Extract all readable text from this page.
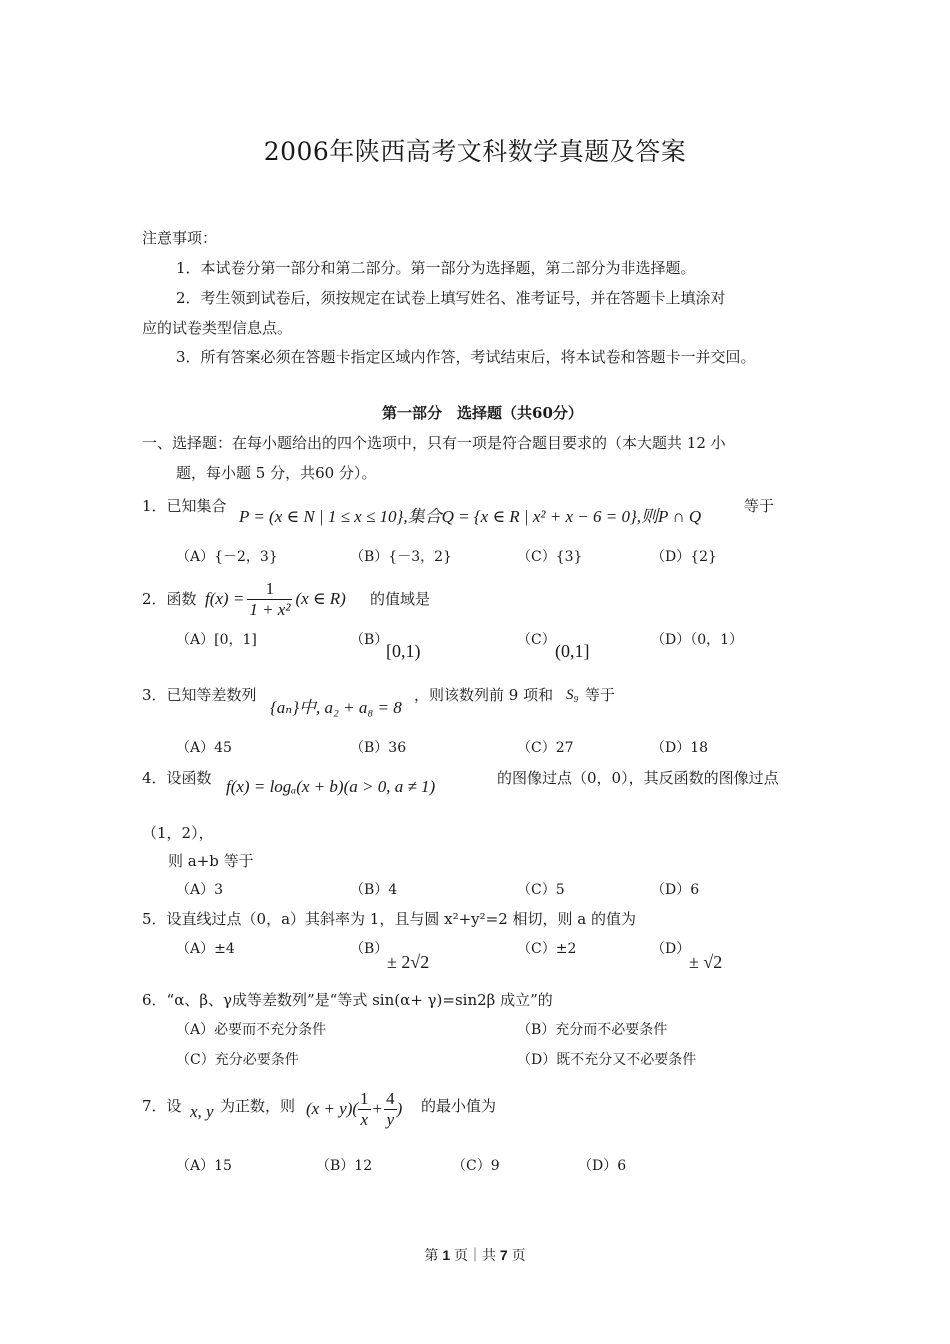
2006年陕西高考文科数学真题及答案
注意事项：
1．本试卷分第一部分和第二部分。第一部分为选择题，第二部分为非选择题。
2．考生领到试卷后，须按规定在试卷上填写姓名、准考证号，并在答题卡上填涂对
应的试卷类型信息点。
3．所有答案必须在答题卡指定区域内作答，考试结束后，将本试卷和答题卡一并交回。
第一部分　选择题（共60分）
一、选择题：在每小题给出的四个选项中，只有一项是符合题目要求的（本大题共 12 小
题，每小题 5 分，共60 分）。
1．已知集合
P = (x ∈ N | 1 ≤ x ≤ 10},集合Q = {x ∈ R | x² + x − 6 = 0},则P ∩ Q
等于
（A）{－2，3}	（B）{－3，2}	（C）{3}	（D）{2}
2．函数 $f(x) = \frac{1}{\text{1 + x²}} (x$ ∈ R) 的值域是
（A）[0，1]	（B）
[0,1)
（C）
(0,1]
（D）（0，1）
3．已知等差数列
{aₙ}中, a₂ + a₈ = 8
，则该数列前 9 项和 S₉ 等于
（A）45	（B）36	（C）27	（D）18
4．设函数 f(x) = logₐ(x + b)(a > 0, a ≠ 1)	的图像过点（0，0），其反函数的图像过点
（1，2），
则 a+b 等于
（A）3	（B）4	（C）5	（D）6
5．设直线过点（0，a）其斜率为 1，且与圆 x²+y²=2 相切，则 a 的值为
（A）±4	（B）
± 2√2
（C）±2	（D）
± √2
6．“α、β、γ成等差数列”是“等式 sin(α+ γ)=sin2β 成立”的
（A）必要而不充分条件	（B）充分而不必要条件
（C）充分必要条件	（D）既不充分又不必要条件
7．设 x, y 为正数，则 $(x + y)( \frac{1}{x} + \frac{4}{y}$ ) 的最小值为
（A）15	（B）12	（C）9	（D）6
第 1 页｜共 7 页
